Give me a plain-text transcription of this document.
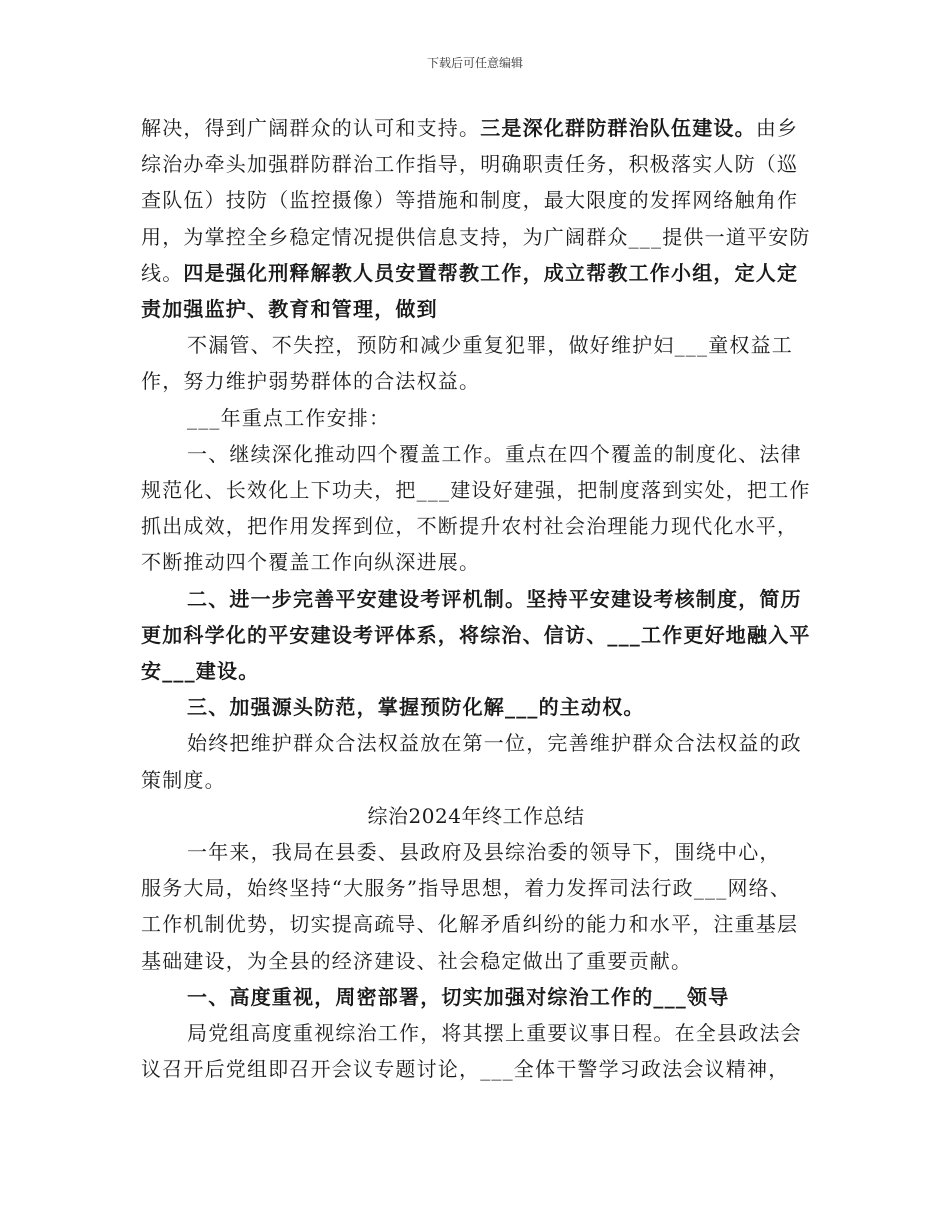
下载后可任意编辑

解决，得到广阔群众的认可和支持。三是深化群防群治队伍建设。由乡综治办牵头加强群防群治工作指导，明确职责任务，积极落实人防（巡查队伍）技防（监控摄像）等措施和制度，最大限度的发挥网络触角作用，为掌控全乡稳定情况提供信息支持，为广阔群众___提供一道平安防线。四是强化刑释解教人员安置帮教工作，成立帮教工作小组，定人定责加强监护、教育和管理，做到

不漏管、不失控，预防和减少重复犯罪，做好维护妇___童权益工作，努力维护弱势群体的合法权益。

___年重点工作安排：

一、继续深化推动四个覆盖工作。重点在四个覆盖的制度化、法律规范化、长效化上下功夫，把___建设好建强，把制度落到实处，把工作抓出成效，把作用发挥到位，不断提升农村社会治理能力现代化水平，不断推动四个覆盖工作向纵深进展。

二、进一步完善平安建设考评机制。坚持平安建设考核制度，简历更加科学化的平安建设考评体系，将综治、信访、___工作更好地融入平安___建设。

三、加强源头防范，掌握预防化解___的主动权。

始终把维护群众合法权益放在第一位，完善维护群众合法权益的政策制度。

综治2024年终工作总结

一年来，我局在县委、县政府及县综治委的领导下，围绕中心，

服务大局，始终坚持“大服务”指导思想，着力发挥司法行政___网络、工作机制优势，切实提高疏导、化解矛盾纠纷的能力和水平，注重基层基础建设，为全县的经济建设、社会稳定做出了重要贡献。

一、高度重视，周密部署，切实加强对综治工作的___领导

局党组高度重视综治工作，将其摆上重要议事日程。在全县政法会议召开后党组即召开会议专题讨论，___全体干警学习政法会议精神，
